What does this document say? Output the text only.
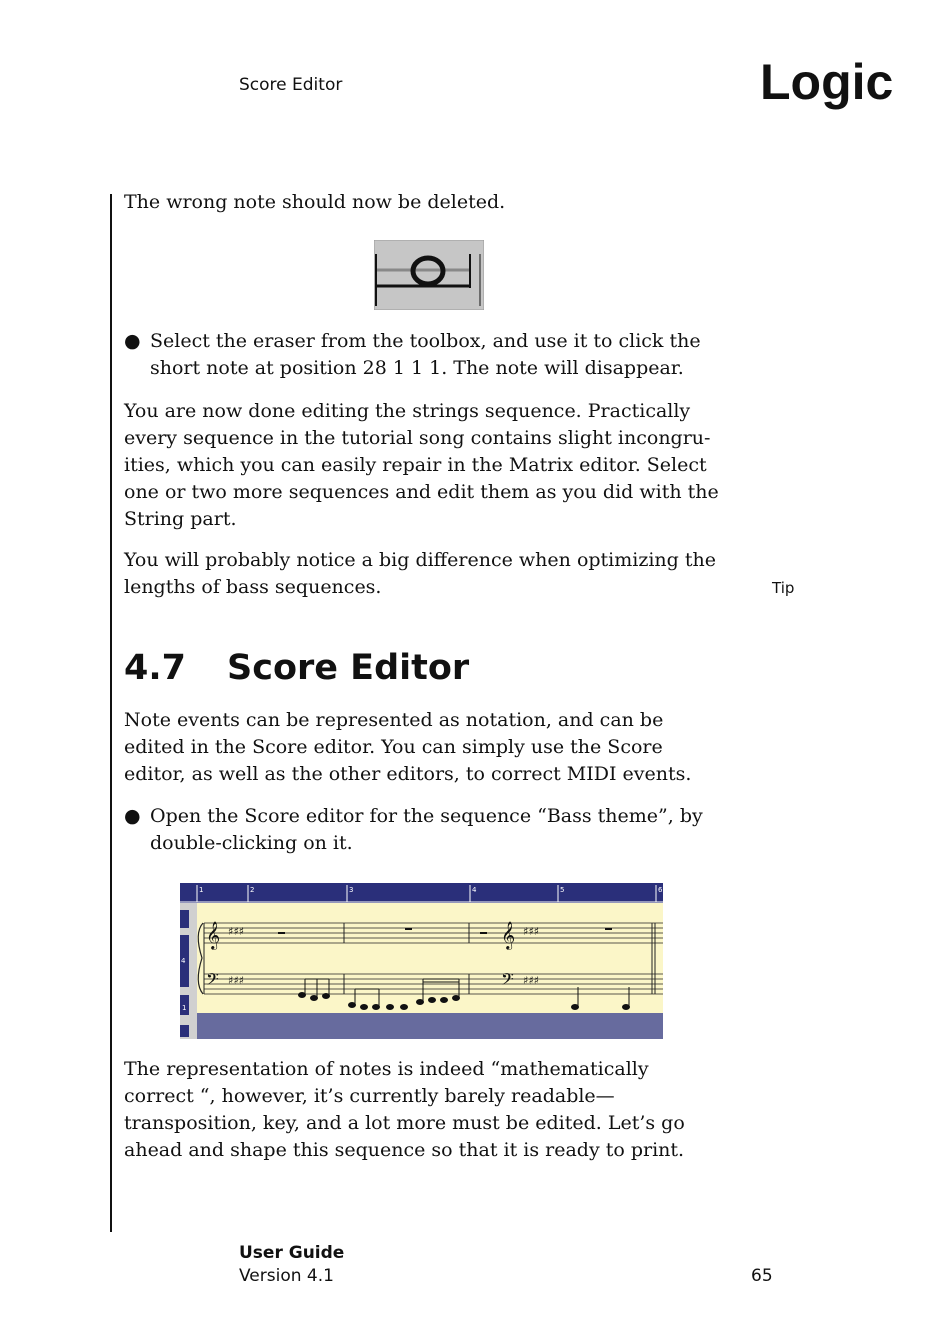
Score Editor	Logic

The wrong note should now be deleted.

● Select the eraser from the toolbox, and use it to click the short note at position 28 1 1 1. The note will disappear.

You are now done editing the strings sequence. Practically every sequence in the tutorial song contains slight incongruities, which you can easily repair in the Matrix editor. Select one or two more sequences and edit them as you did with the String part.

You will probably notice a big difference when optimizing the lengths of bass sequences.	Tip
4.7 Score Editor

Note events can be represented as notation, and can be edited in the Score editor. You can simply use the Score editor, as well as the other editors, to correct MIDI events.

● Open the Score editor for the sequence “Bass theme”, by double-clicking on it.
1	2	3	4	5	6
4
1
𝄞
𝄢
𝄞
𝄢
♯♯♯
♯♯♯
♯♯♯
♯♯♯

The representation of notes is indeed “mathematically correct “, however, it’s currently barely readable—transposition, key, and a lot more must be edited. Let’s go ahead and shape this sequence so that it is ready to print.

User Guide
Version 4.1	65
